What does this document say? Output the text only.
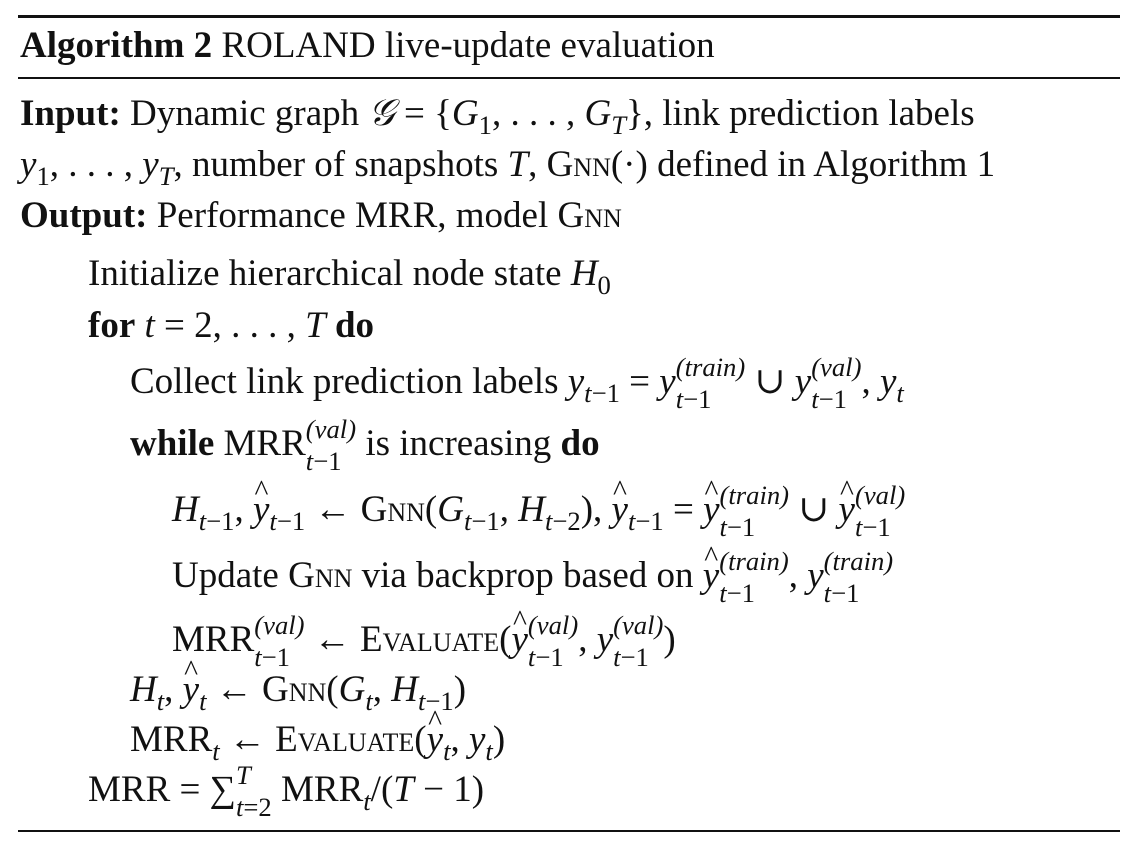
Algorithm 2 ROLAND live-update evaluation
Input: Dynamic graph 𝒢 = {$G_1$, . . . , $G_T$}, link prediction labels
$y_1$, . . . , $y_T$, number of snapshots T, Gnn(·) defined in Algorithm 1
Output: Performance MRR, model Gnn
Initialize hierarchical node state $H_0$
for t = 2, . . . , T do
Collect link prediction labels $y_{t-1} = y$ (train)
t−1 ∪ y (val)
t−1 , $y_t$
while MRR (val)
t−1 is increasing do
$H_{t-1}$, ^ $y_{t-1}$ ← $Gnn(G_{t-1}$, $H_{t-2}$), ^ $y_{t-1}$ = ^ y (train)
t−1 ∪ ^ y (val)
t−1
Update Gnn via backprop based on ^ y (train)
t−1 , y (train)
t−1
MRR (val)
t−1 ← Evaluate(^ y (val)
t−1 , y (val)
t−1 )
$H_t$, ^ $y_t$ ← $Gnn(G_t$, $H_{t-1}$)
$MRR_t$ ← Evaluate(^ $y_t$, $y_t$)
MRR = ∑ T
t=2 $MRR_t/(T - 1)$
